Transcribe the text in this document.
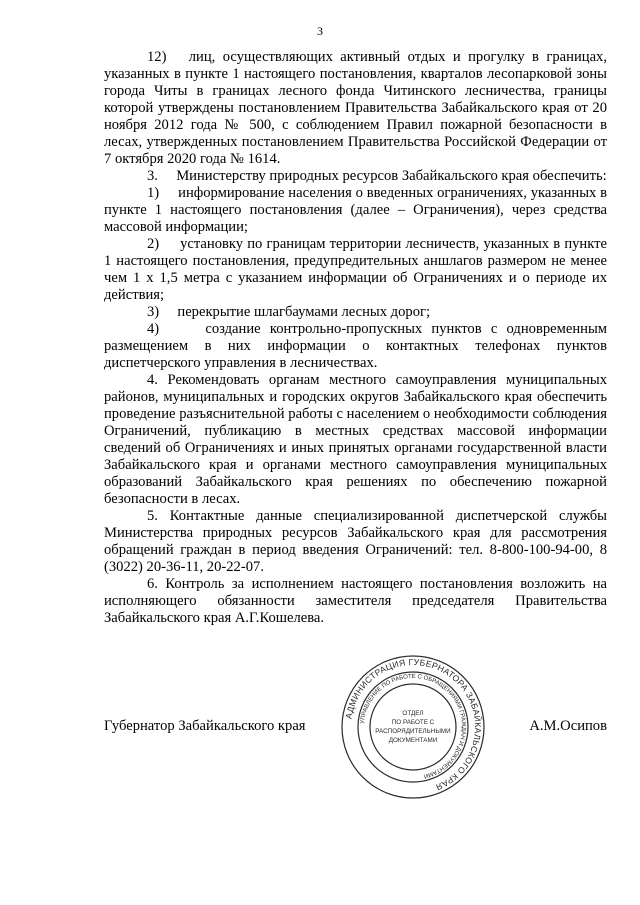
3

12)   лиц, осуществляющих активный отдых и прогулку в границах, указанных в пункте 1 настоящего постановления, кварталов лесопарковой зоны города Читы в границах лесного фонда Читинского лесничества, границы которой утверждены постановлением Правительства Забайкальского края от 20 ноября 2012 года № 500, с соблюдением Правил пожарной безопасности в лесах, утвержденных постановлением Правительства Российской Федерации от 7 октября 2020 года № 1614.

3.     Министерству природных ресурсов Забайкальского края обеспечить:

1)     информирование населения о введенных ограничениях, указанных в пункте 1 настоящего постановления (далее – Ограничения), через средства массовой информации;

2)     установку по границам территории лесничеств, указанных в пункте 1 настоящего постановления, предупредительных аншлагов размером не менее чем 1 х 1,5 метра с указанием информации об Ограничениях и о периоде их действия;

3)     перекрытие шлагбаумами лесных дорог;

4)     создание контрольно-пропускных пунктов с одновременным размещением в них информации о контактных телефонах пунктов диспетчерского управления в лесничествах.

4. Рекомендовать органам местного самоуправления муниципальных районов, муниципальных и городских округов Забайкальского края обеспечить проведение разъяснительной работы с населением о необходимости соблюдения Ограничений, публикацию в местных средствах массовой информации сведений об Ограничениях и иных принятых органами государственной власти Забайкальского края и органами местного самоуправления муниципальных образований Забайкальского края решениях по обеспечению пожарной безопасности в лесах.

5. Контактные данные специализированной диспетчерской службы Министерства природных ресурсов Забайкальского края для рассмотрения обращений граждан в период введения Ограничений: тел. 8-800-100-94-00, 8 (3022) 20-36-11, 20-22-07.

6. Контроль за исполнением настоящего постановления возложить на исполняющего обязанности заместителя председателя Правительства Забайкальского края А.Г.Кошелева.

Губернатор Забайкальского края	А.М.Осипов
АДМИНИСТРАЦИЯ ГУБЕРНАТОРА ЗАБАЙКАЛЬСКОГО КРАЯ
УПРАВЛЕНИЕ ПО РАБОТЕ С ОБРАЩЕНИЯМИ ГРАЖДАН И ДОКУМЕНТАМИ
ОТДЕЛ
ПО РАБОТЕ С
РАСПОРЯДИТЕЛЬНЫМИ
ДОКУМЕНТАМИ
